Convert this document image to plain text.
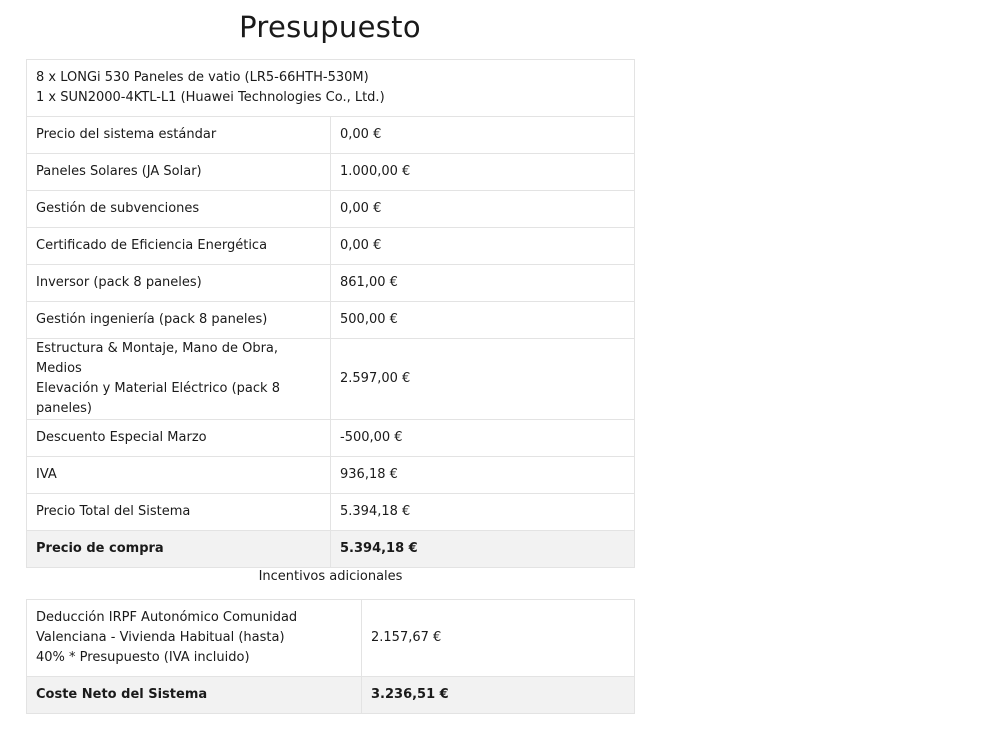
Presupuesto
8 x LONGi 530 Paneles de vatio (LR5-66HTH-530M)
1 x SUN2000-4KTL-L1 (Huawei Technologies Co., Ltd.)	

Precio del sistema estándar	0,00 €
Paneles Solares (JA Solar)	1.000,00 €
Gestión de subvenciones	0,00 €
Certificado de Eficiencia Energética	0,00 €
Inversor (pack 8 paneles)	861,00 €
Gestión ingeniería (pack 8 paneles)	500,00 €

Estructura & Montaje, Mano de Obra, Medios
Elevación y Material Eléctrico (pack 8 paneles)	2.597,00 €
Descuento Especial Marzo	-500,00 €
IVA	936,18 €
Precio Total del Sistema	5.394,18 €
Precio de compra	5.394,18 €
Incentivos adicionales
Deducción IRPF Autonómico Comunidad
Valenciana - Vivienda Habitual (hasta)
40% * Presupuesto (IVA incluido)	2.157,67 €
Coste Neto del Sistema	3.236,51 €
